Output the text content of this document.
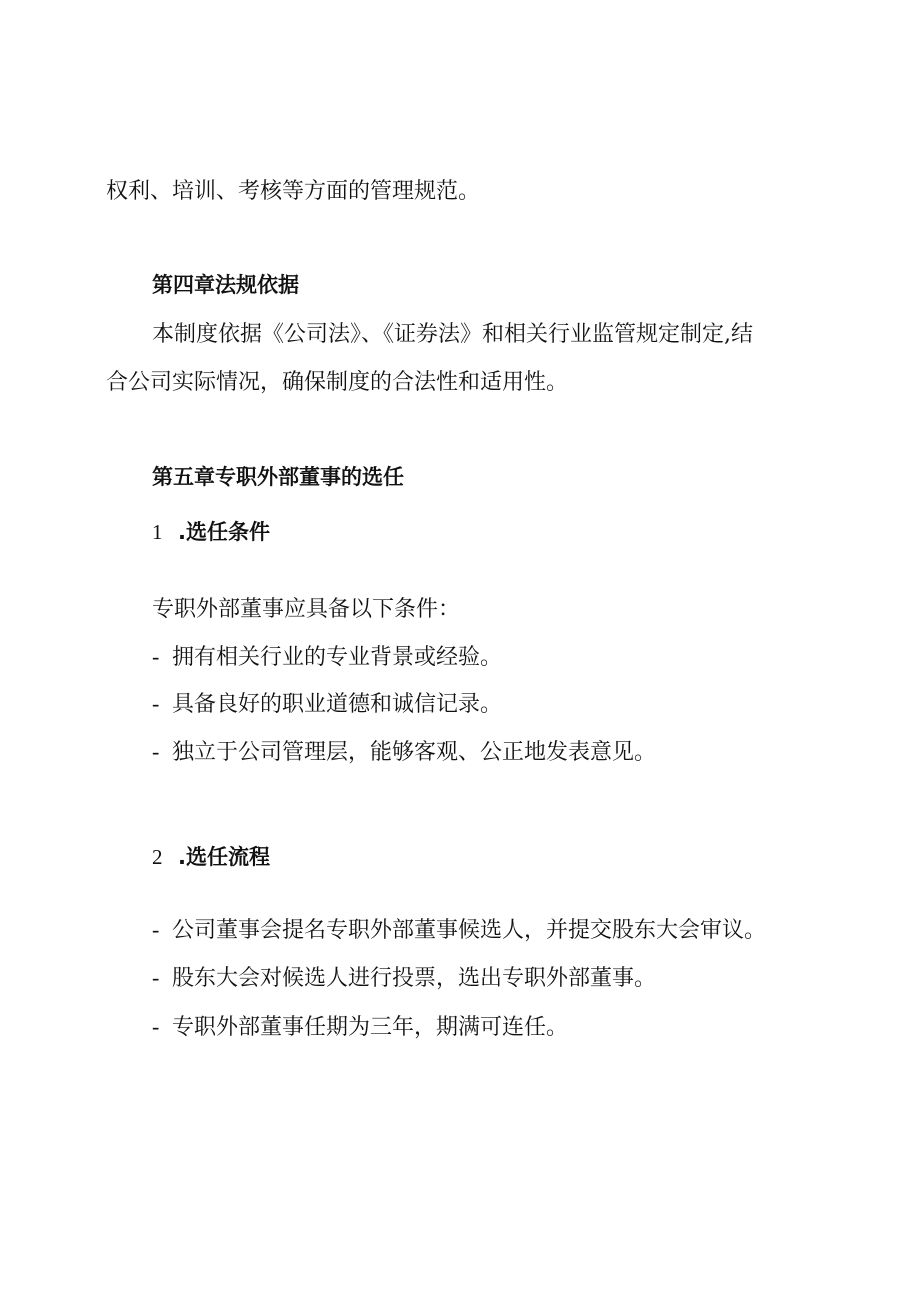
权利、培训、考核等方面的管理规范。
第四章法规依据
本制度依据《公司法》、《证券法》和相关行业监管规定制定,结
合公司实际情况，确保制度的合法性和适用性。
第五章专职外部董事的选任
1 .选任条件
专职外部董事应具备以下条件：
- 拥有相关行业的专业背景或经验。
- 具备良好的职业道德和诚信记录。
- 独立于公司管理层，能够客观、公正地发表意见。
2 .选任流程
- 公司董事会提名专职外部董事候选人，并提交股东大会审议。
- 股东大会对候选人进行投票，选出专职外部董事。
- 专职外部董事任期为三年，期满可连任。
